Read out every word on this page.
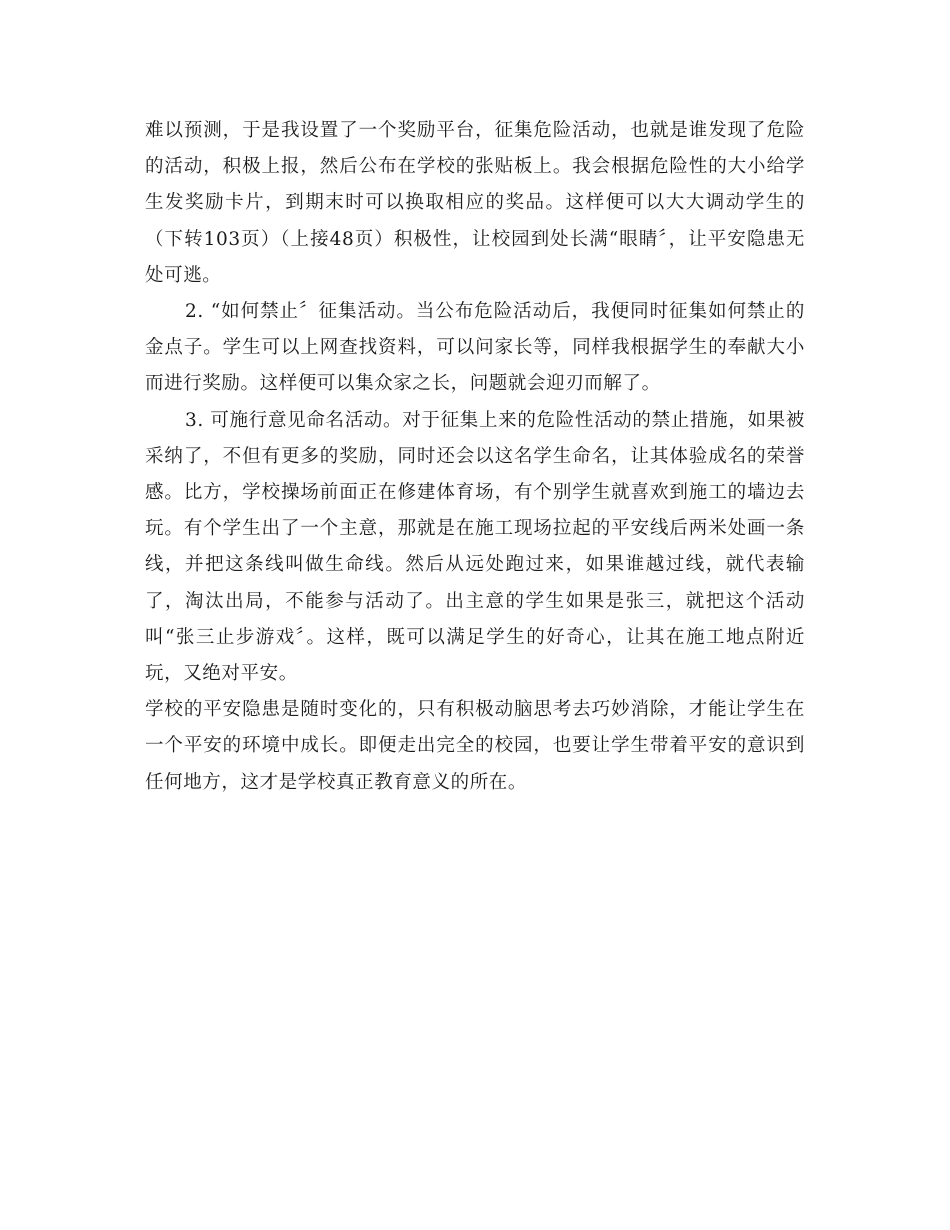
难以预测，于是我设置了一个奖励平台，征集危险活动，也就是谁发现了危险的活动，积极上报，然后公布在学校的张贴板上。我会根据危险性的大小给学生发奖励卡片，到期末时可以换取相应的奖品。这样便可以大大调动学生的（下转103页）（上接48页）积极性，让校园到处长满“眼睛〞，让平安隐患无处可逃。

2. “如何禁止〞征集活动。当公布危险活动后，我便同时征集如何禁止的金点子。学生可以上网查找资料，可以问家长等，同样我根据学生的奉献大小而进行奖励。这样便可以集众家之长，问题就会迎刃而解了。

3. 可施行意见命名活动。对于征集上来的危险性活动的禁止措施，如果被采纳了，不但有更多的奖励，同时还会以这名学生命名，让其体验成名的荣誉感。比方，学校操场前面正在修建体育场，有个别学生就喜欢到施工的墙边去玩。有个学生出了一个主意，那就是在施工现场拉起的平安线后两米处画一条线，并把这条线叫做生命线。然后从远处跑过来，如果谁越过线，就代表输了，淘汰出局，不能参与活动了。出主意的学生如果是张三，就把这个活动叫“张三止步游戏〞。这样，既可以满足学生的好奇心，让其在施工地点附近玩，又绝对平安。

学校的平安隐患是随时变化的，只有积极动脑思考去巧妙消除，才能让学生在一个平安的环境中成长。即便走出完全的校园，也要让学生带着平安的意识到任何地方，这才是学校真正教育意义的所在。
